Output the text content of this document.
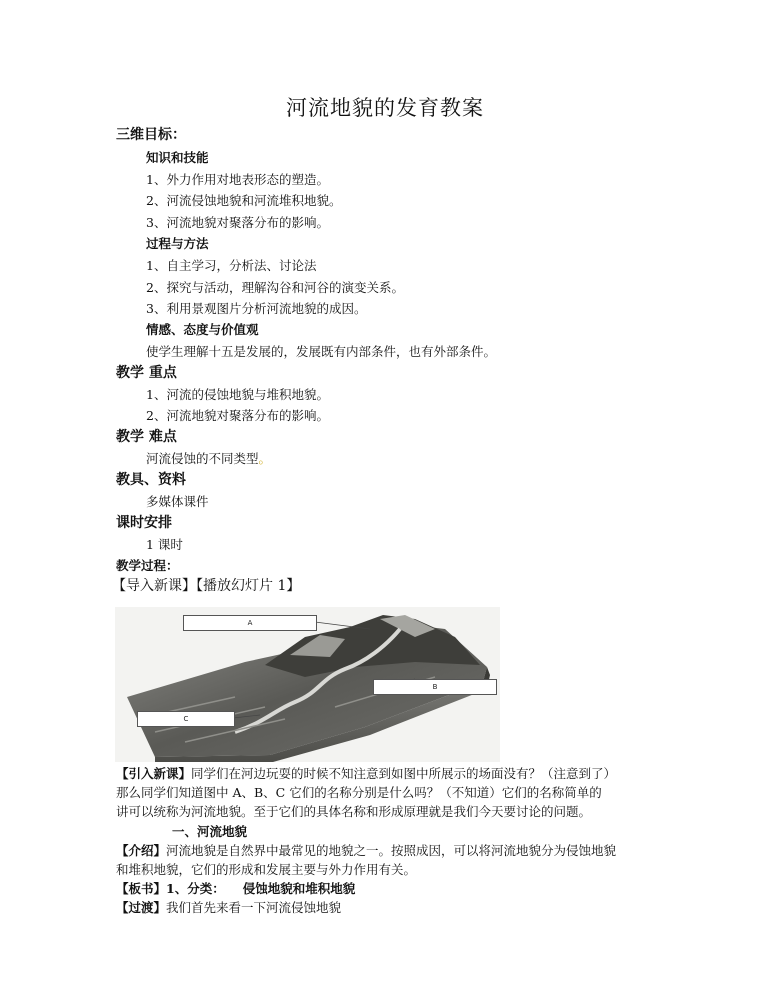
河流地貌的发育教案
三维目标：
知识和技能
1、外力作用对地表形态的塑造。
2、河流侵蚀地貌和河流堆积地貌。
3、河流地貌对聚落分布的影响。
过程与方法
1、自主学习，分析法、讨论法
2、探究与活动，理解沟谷和河谷的演变关系。
3、利用景观图片分析河流地貌的成因。
情感、态度与价值观
使学生理解十五是发展的，发展既有内部条件，也有外部条件。
教学 重点
1、河流的侵蚀地貌与堆积地貌。
2、河流地貌对聚落分布的影响。
教学 难点
河流侵蚀的不同类型。
教具、资料
多媒体课件
课时安排
1 课时
教学过程：
【导入新课】【播放幻灯片 1】
A
B
C
【引入新课】同学们在河边玩耍的时候不知注意到如图中所展示的场面没有？（注意到了）
那么同学们知道图中 A、B、C 它们的名称分别是什么吗？（不知道）它们的名称简单的
讲可以统称为河流地貌。至于它们的具体名称和形成原理就是我们今天要讨论的问题。
一、河流地貌
【介绍】河流地貌是自然界中最常见的地貌之一。按照成因，可以将河流地貌分为侵蚀地貌
和堆积地貌，它们的形成和发展主要与外力作用有关。
【板书】1、分类： 侵蚀地貌和堆积地貌
【过渡】我们首先来看一下河流侵蚀地貌
